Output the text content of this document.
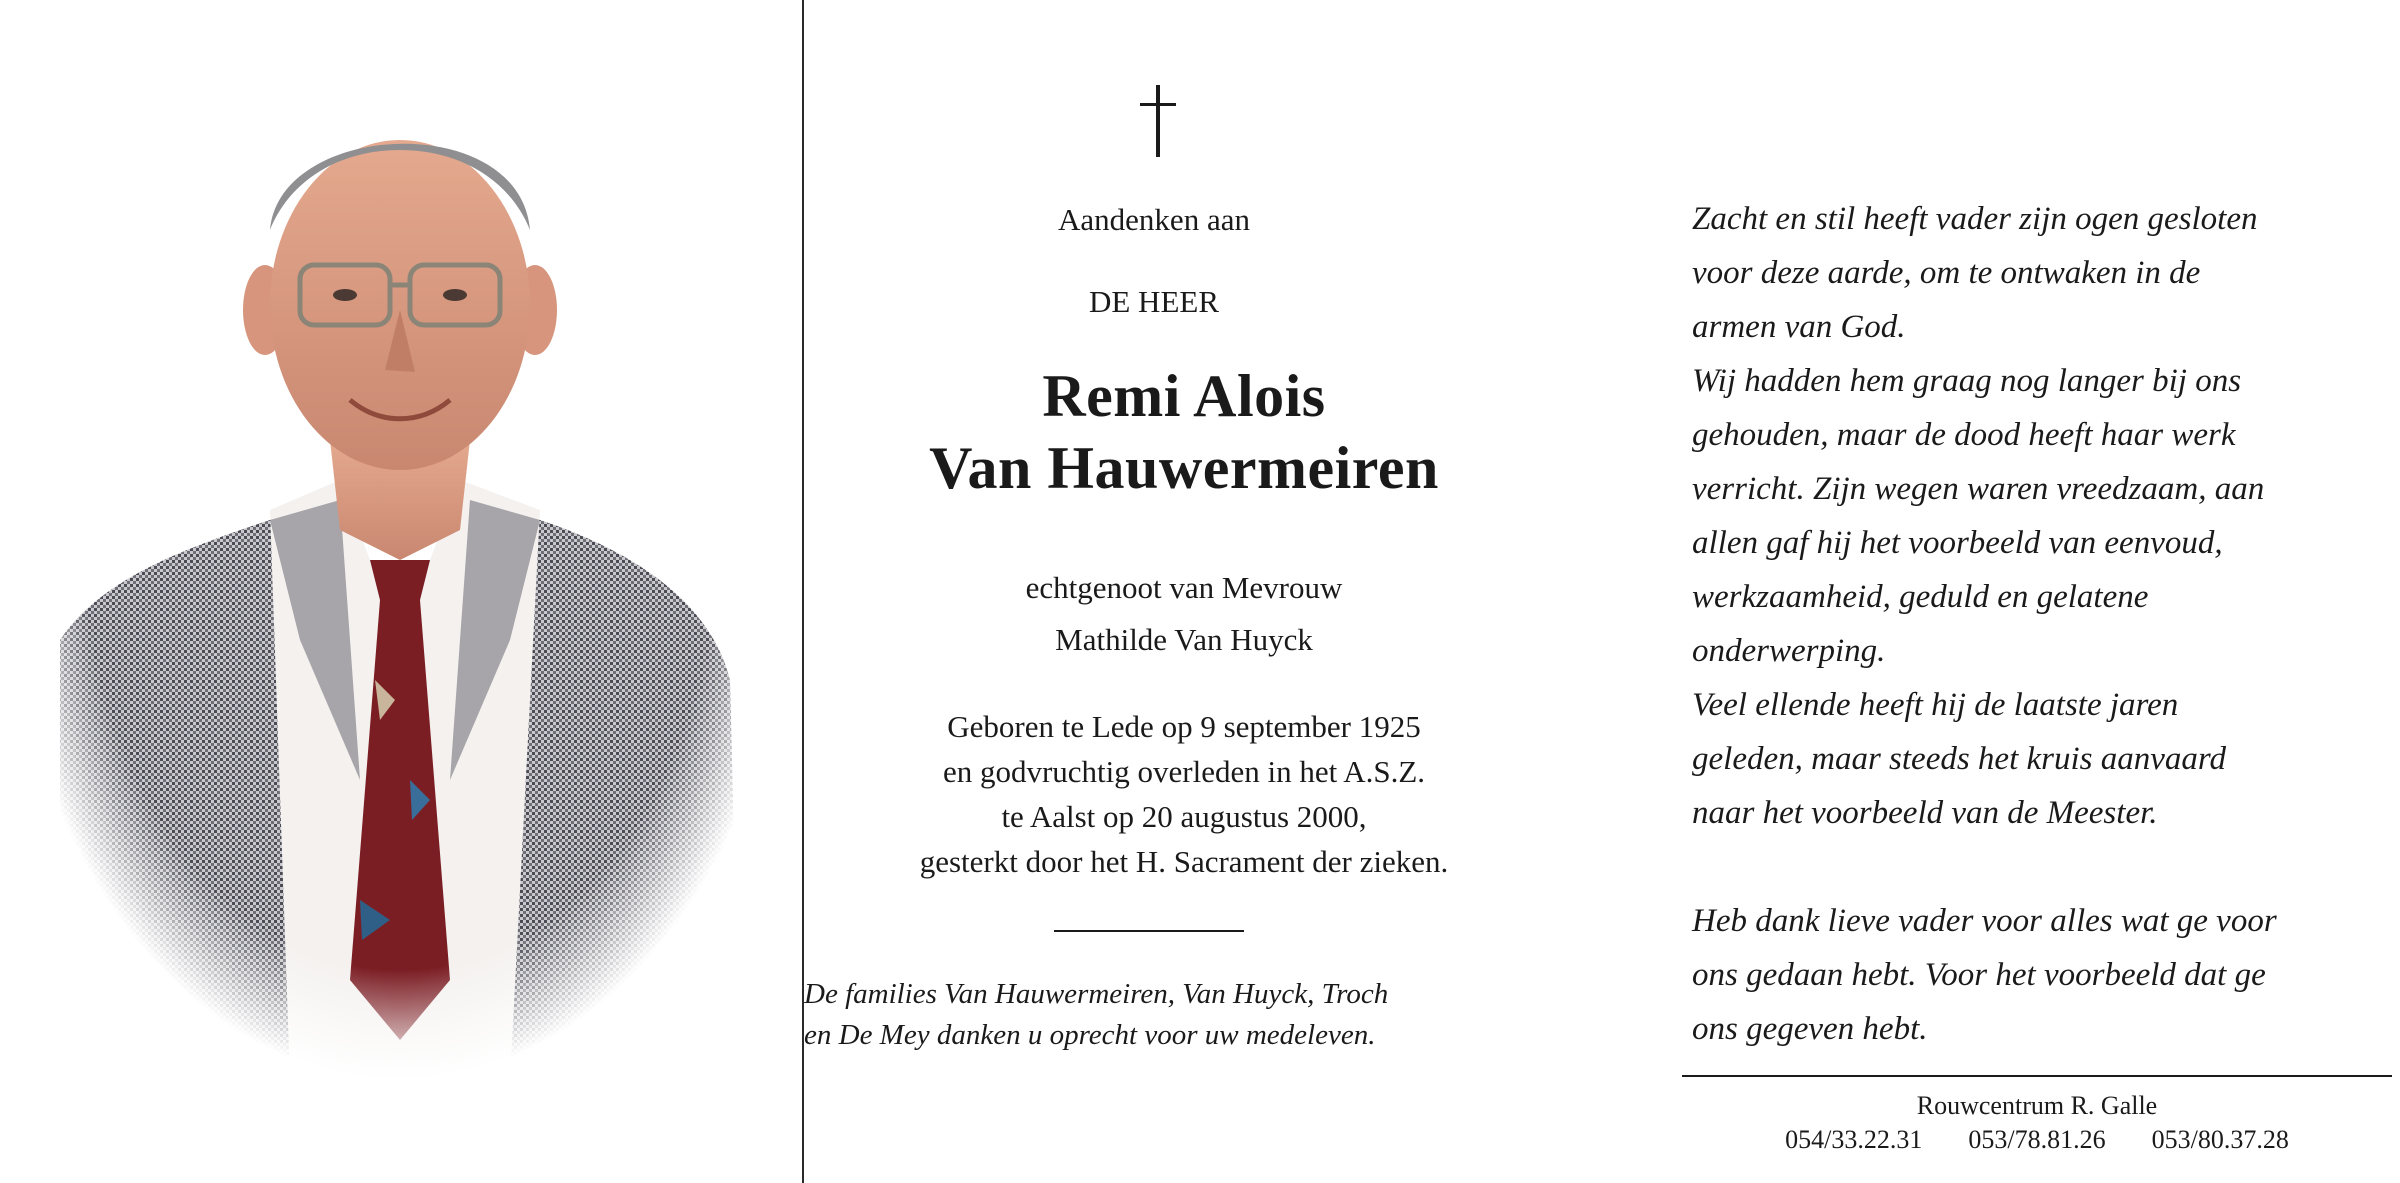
Aandenken aan
DE HEER
Remi Alois
Van Hauwermeiren
echtgenoot van Mevrouw
Mathilde Van Huyck
Geboren te Lede op 9 september 1925
en godvruchtig overleden in het A.S.Z.
te Aalst op 20 augustus 2000,
gesterkt door het H. Sacrament der zieken.
De families Van Hauwermeiren, Van Huyck, Troch
en De Mey danken u oprecht voor uw medeleven.
Zacht en stil heeft vader zijn ogen gesloten
voor deze aarde, om te ontwaken in de
armen van God.
Wij hadden hem graag nog langer bij ons
gehouden, maar de dood heeft haar werk
verricht. Zijn wegen waren vreedzaam, aan
allen gaf hij het voorbeeld van eenvoud,
werkzaamheid, geduld en gelatene
onderwerping.
Veel ellende heeft hij de laatste jaren
geleden, maar steeds het kruis aanvaard
naar het voorbeeld van de Meester.
Heb dank lieve vader voor alles wat ge voor
ons gedaan hebt. Voor het voorbeeld dat ge
ons gegeven hebt.
Rouwcentrum R. Galle
054/33.22.31 053/78.81.26 053/80.37.28
